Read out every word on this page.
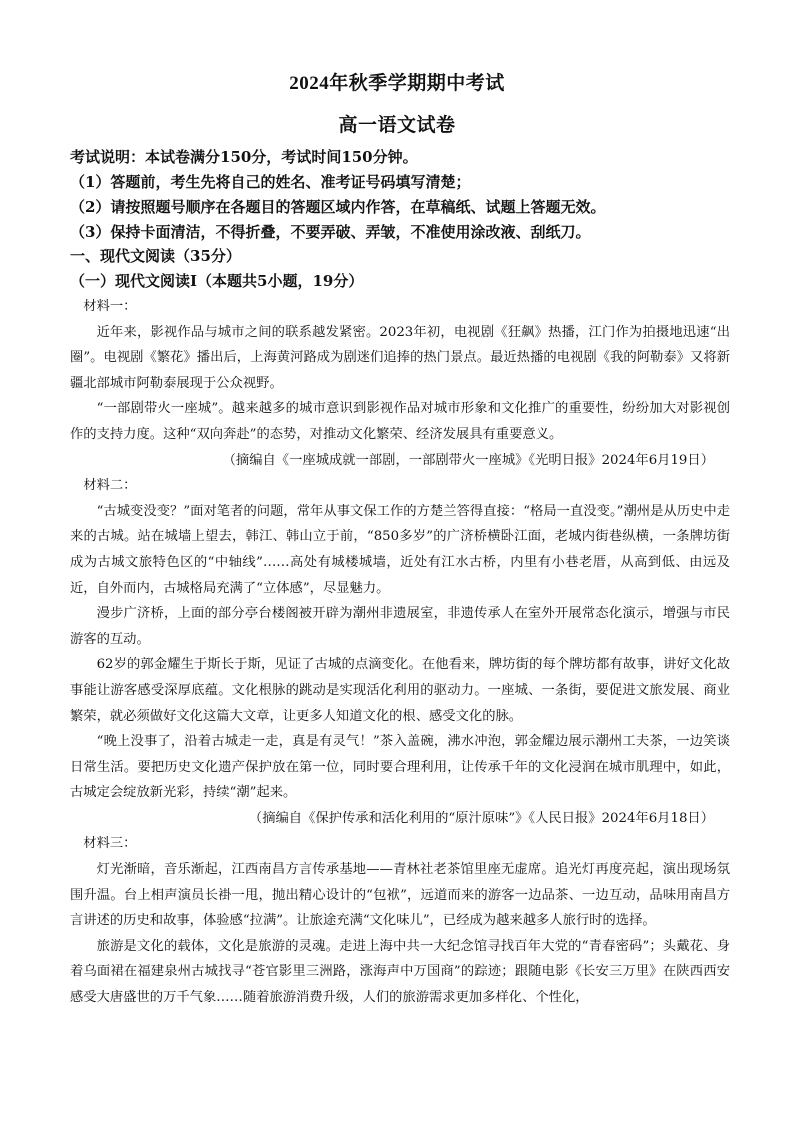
2024年秋季学期期中考试
高一语文试卷
考试说明：本试卷满分150分，考试时间150分钟。
（1）答题前，考生先将自己的姓名、准考证号码填写清楚；
（2）请按照题号顺序在各题目的答题区域内作答，在草稿纸、试题上答题无效。
（3）保持卡面清洁，不得折叠，不要弄破、弄皱，不准使用涂改液、刮纸刀。
一、现代文阅读（35分）
（一）现代文阅读Ⅰ（本题共5小题，19分）

材料一：

近年来，影视作品与城市之间的联系越发紧密。2023年初，电视剧《狂飙》热播，江门作为拍摄地迅速“出圈”。电视剧《繁花》播出后，上海黄河路成为剧迷们追捧的热门景点。最近热播的电视剧《我的阿勒泰》又将新疆北部城市阿勒泰展现于公众视野。

“一部剧带火一座城”。越来越多的城市意识到影视作品对城市形象和文化推广的重要性，纷纷加大对影视创作的支持力度。这种“双向奔赴”的态势，对推动文化繁荣、经济发展具有重要意义。

（摘编自《一座城成就一部剧，一部剧带火一座城》《光明日报》2024年6月19日）

材料二：

“古城变没变？”面对笔者的问题，常年从事文保工作的方楚兰答得直接：“格局一直没变。”潮州是从历史中走来的古城。站在城墙上望去，韩江、韩山立于前，“850多岁”的广济桥横卧江面，老城内街巷纵横，一条牌坊街成为古城文旅特色区的“中轴线”……高处有城楼城墙，近处有江水古桥，内里有小巷老厝，从高到低、由远及近，自外而内，古城格局充满了“立体感”，尽显魅力。

漫步广济桥，上面的部分亭台楼阁被开辟为潮州非遗展室，非遗传承人在室外开展常态化演示，增强与市民游客的互动。

62岁的郭金耀生于斯长于斯，见证了古城的点滴变化。在他看来，牌坊街的每个牌坊都有故事，讲好文化故事能让游客感受深厚底蕴。文化根脉的跳动是实现活化利用的驱动力。一座城、一条街，要促进文旅发展、商业繁荣，就必须做好文化这篇大文章，让更多人知道文化的根、感受文化的脉。

“晚上没事了，沿着古城走一走，真是有灵气！”茶入盖碗，沸水冲泡，郭金耀边展示潮州工夫茶，一边笑谈日常生活。要把历史文化遗产保护放在第一位，同时要合理利用，让传承千年的文化浸润在城市肌理中，如此，古城定会绽放新光彩，持续“潮”起来。

（摘编自《保护传承和活化利用的“原汁原味”》《人民日报》2024年6月18日）

材料三：

灯光渐暗，音乐渐起，江西南昌方言传承基地——青林社老茶馆里座无虚席。追光灯再度亮起，演出现场氛围升温。台上相声演员长褂一甩，抛出精心设计的“包袱”，远道而来的游客一边品茶、一边互动，品味用南昌方言讲述的历史和故事，体验感“拉满”。让旅途充满“文化味儿”，已经成为越来越多人旅行时的选择。

旅游是文化的载体，文化是旅游的灵魂。走进上海中共一大纪念馆寻找百年大党的“青春密码”；头戴花、身着乌面裙在福建泉州古城找寻“苍官影里三洲路，涨海声中万国商”的踪迹；跟随电影《长安三万里》在陕西西安感受大唐盛世的万千气象……随着旅游消费升级，人们的旅游需求更加多样化、个性化，
